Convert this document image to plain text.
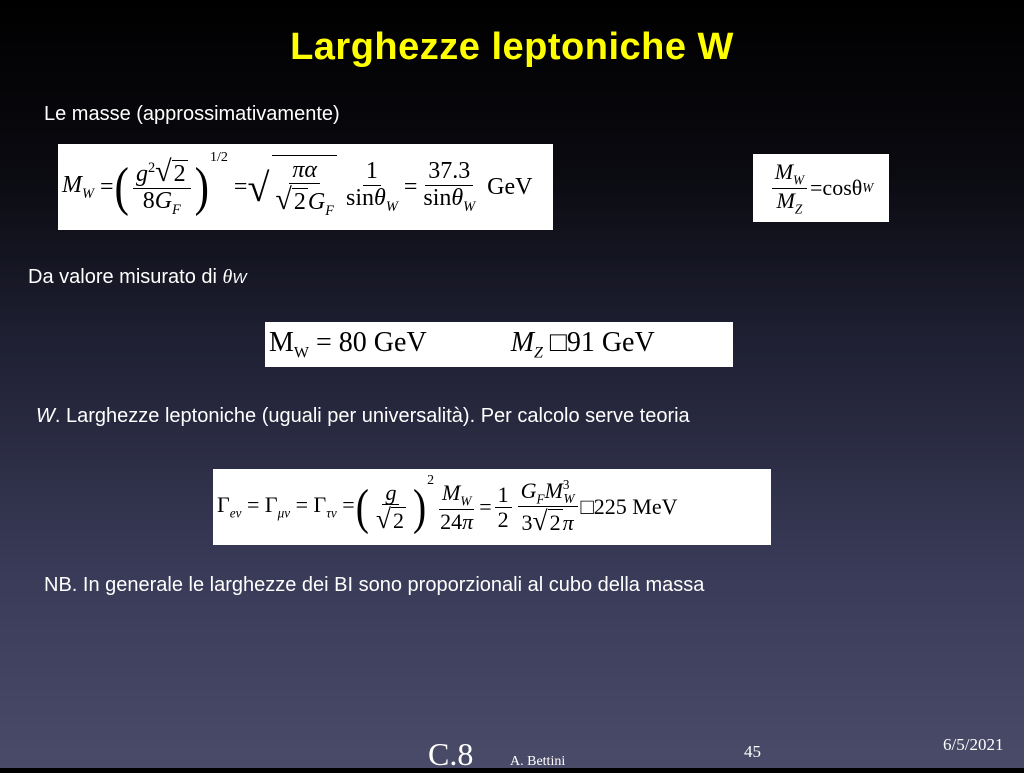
Larghezze leptoniche W
Le masse (approssimativamente)
$M_W$ = ( $\frac{g^2√2}{8G_F}$ )
$^{1/2}$
= √ $\frac{\pi\alpha}{√2G_F} \frac{1}{\sin\theta_W} = \frac{37.3}{\sin\theta_W}$ GeV	$\frac{M_W}{M_Z} =\cos\theta$ W
Da valore misurato di θW
$M_W = 80$ GeV	$M_Z$ □91 GeV
W. Larghezze leptoniche (uguali per universalità). Per calcolo serve teoria
$\Gamma_{e\nu} = \Gamma_{\mu\nu} = \Gamma_{\tau\nu}$ = ( $\frac{g}{√2} )^2$
$\frac{M_W}{24\pi} = \frac{1}{2} \frac{G_FM^3_W}{3√2\pi}$ □225 MeV
NB. In generale le larghezze dei BI sono proporzionali al cubo della massa
C.8	A. Bettini
45	6/5/2021
